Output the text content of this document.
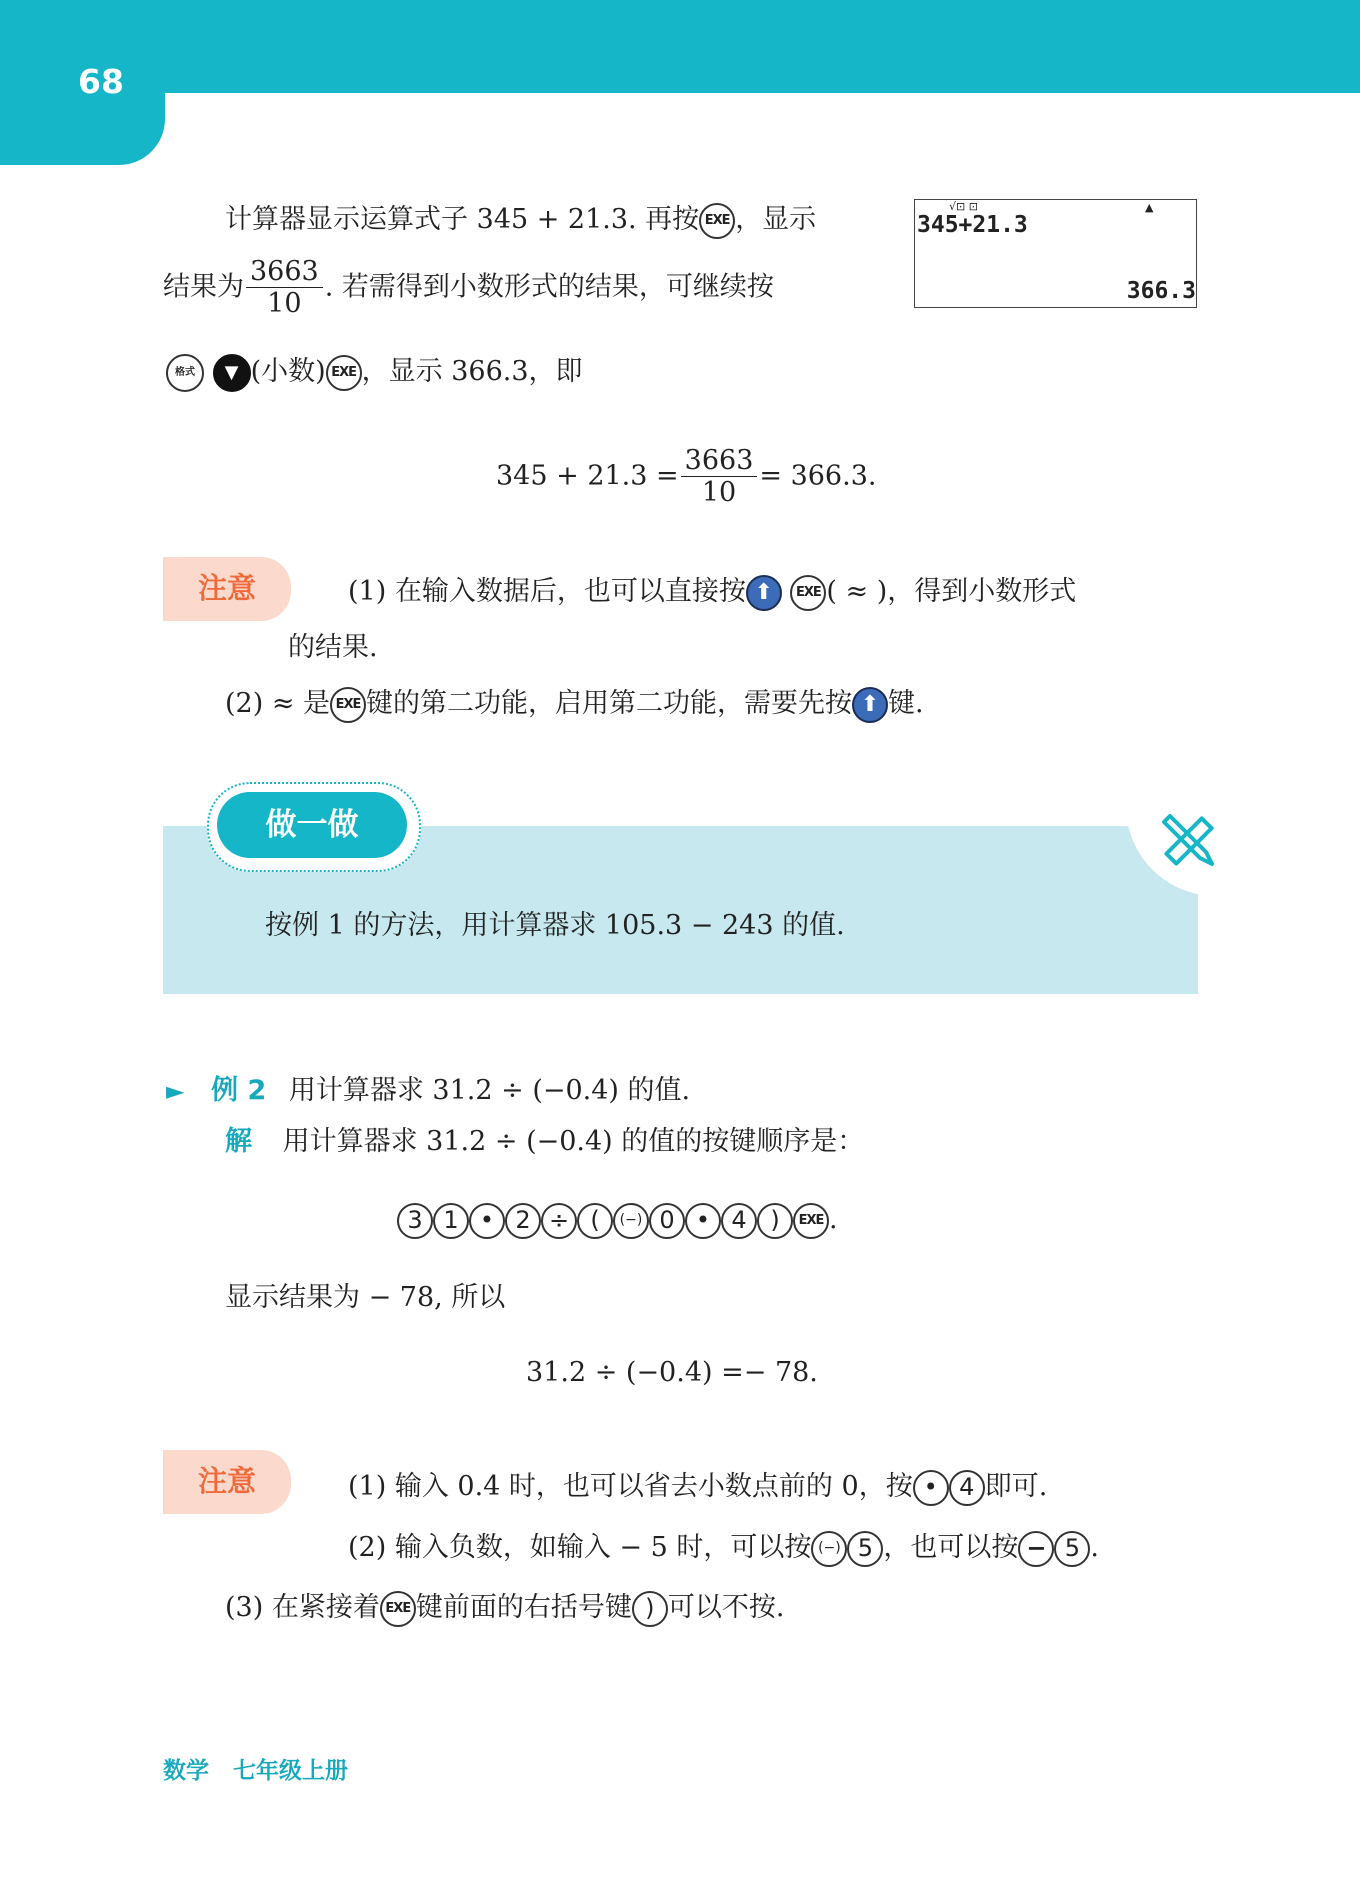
68
计算器显示运算式子 345 + 21.3. 再按 EXE ，显示
结果为 $\frac{3663}{10}$ . 若需得到小数形式的结果，可继续按
格式 ▼ (小数) EXE ，显示 366.3，即
√⊡ ⊡	▲
345+21.3
366.3
$345 + 21.3 = \frac{3663}{10} = 366.3$.
注意	(1) 在输入数据后，也可以直接按 ⬆ EXE ( ≈ )，得到小数形式
的结果.
(2) ≈ 是 EXE 键的第二功能，启用第二功能，需要先按 ⬆ 键.
做一做
按例 1 的方法，用计算器求 105.3 − 243 的值.
► 例 2 用计算器求 31.2 ÷ (−0.4) 的值.
解 用计算器求 31.2 ÷ (−0.4) 的值的按键顺序是：
3 1 • 2 ÷ ( (−) 0 • 4 ) EXE .
显示结果为 − 78, 所以
31.2 ÷ (−0.4) =− 78.
注意	(1) 输入 0.4 时，也可以省去小数点前的 0，按 • 4 即可.
(2) 输入负数，如输入 − 5 时，可以按 (−) 5 ，也可以按 − 5 .
(3) 在紧接着 EXE 键前面的右括号键 ) 可以不按.
数学   七年级上册
